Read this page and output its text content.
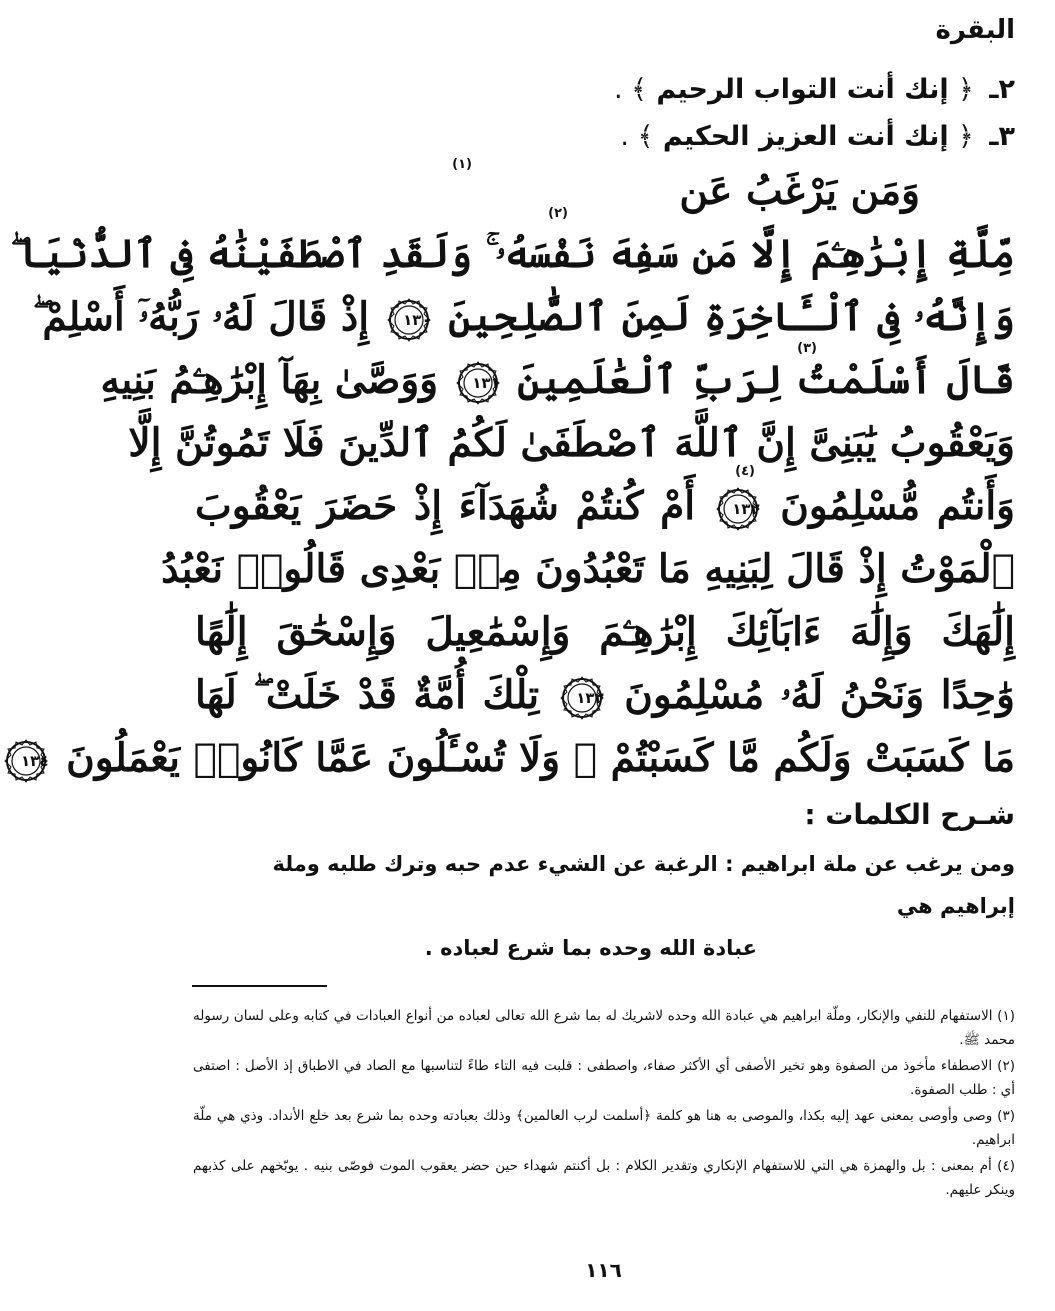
البقرة
٢ـ ﴿ إنك أنت التواب الرحيم ﴾ .
٣ـ ﴿ إنك أنت العزيز الحكيم ﴾ .
وَمَن يَرْغَبُ عَن
مِّلَّةِ إِبْرَٰهِـۧمَ إِلَّا مَن سَفِهَ نَفْسَهُۥ ۚ وَلَقَدِ ٱصْطَفَيْنَٰهُ فِى ٱلدُّنْيَا ۖ
وَإِنَّهُۥ فِى ٱلْـَٔاخِرَةِ لَمِنَ ٱلصَّٰلِحِينَ
١٣٠
إِذْ قَالَ لَهُۥ رَبُّهُۥٓ أَسْلِمْ ۖ
قَالَ أَسْلَمْتُ لِرَبِّ ٱلْعَٰلَمِينَ
١٣١
وَوَصَّىٰ بِهَآ إِبْرَٰهِـۧمُ بَنِيهِ
وَيَعْقُوبُ يَٰبَنِىَّ إِنَّ ٱللَّهَ ٱصْطَفَىٰ لَكُمُ ٱلدِّينَ فَلَا تَمُوتُنَّ إِلَّا
وَأَنتُم مُّسْلِمُونَ
١٣٢
أَمْ كُنتُمْ شُهَدَآءَ إِذْ حَضَرَ يَعْقُوبَ
ٱلْمَوْتُ إِذْ قَالَ لِبَنِيهِ مَا تَعْبُدُونَ مِنۢ بَعْدِى قَالُوا۟ نَعْبُدُ
إِلَٰهَكَ وَإِلَٰهَ ءَابَآئِكَ إِبْرَٰهِـۧمَ وَإِسْمَٰعِيلَ وَإِسْحَٰقَ إِلَٰهًا
وَٰحِدًا وَنَحْنُ لَهُۥ مُسْلِمُونَ
١٣٣
تِلْكَ أُمَّةٌ قَدْ خَلَتْ ۖ لَهَا
مَا كَسَبَتْ وَلَكُم مَّا كَسَبْتُمْ ۖ وَلَا تُسْـَٔلُونَ عَمَّا كَانُوا۟ يَعْمَلُونَ
١٣٤
(١)
(٢)
(٣)
(٤)
شـرح الكلمات :
ومن يرغب عن ملة ابراهيم : الرغبة عن الشيء عدم حبه وترك طلبه وملة إبراهيم هي
عبادة الله وحده بما شرع لعباده .
(١) الاستفهام للنفي والإنكار، وملّة ابراهيم هي عبادة الله وحده لاشريك له بما شرع الله تعالى لعباده من أنواع العبادات في كتابه وعلى لسان رسوله محمد ﷺ.
(٢) الاصطفاء مأخوذ من الصفوة وهو تخير الأصفى أي الأكثر صفاء، واصطفى : قلبت فيه التاء طاءً لتناسبها مع الصاد في الاطباق إذ الأصل : اصتفى أي : طلب الصفوة.
(٣) وصى وأوصى بمعنى عهد إليه بكذا، والموصى به هنا هو كلمة ﴿أسلمت لرب العالمين﴾ وذلك بعبادته وحده بما شرع بعد خلع الأنداد. وذي هي ملّة ابراهيم.
(٤) أم بمعنى : بل والهمزة هي التي للاستفهام الإنكاري وتقدير الكلام : بل أكنتم شهداء حين حضر يعقوب الموت فوصّى بنيه . يوبّخهم على كذبهم وينكر عليهم.
١١٦
